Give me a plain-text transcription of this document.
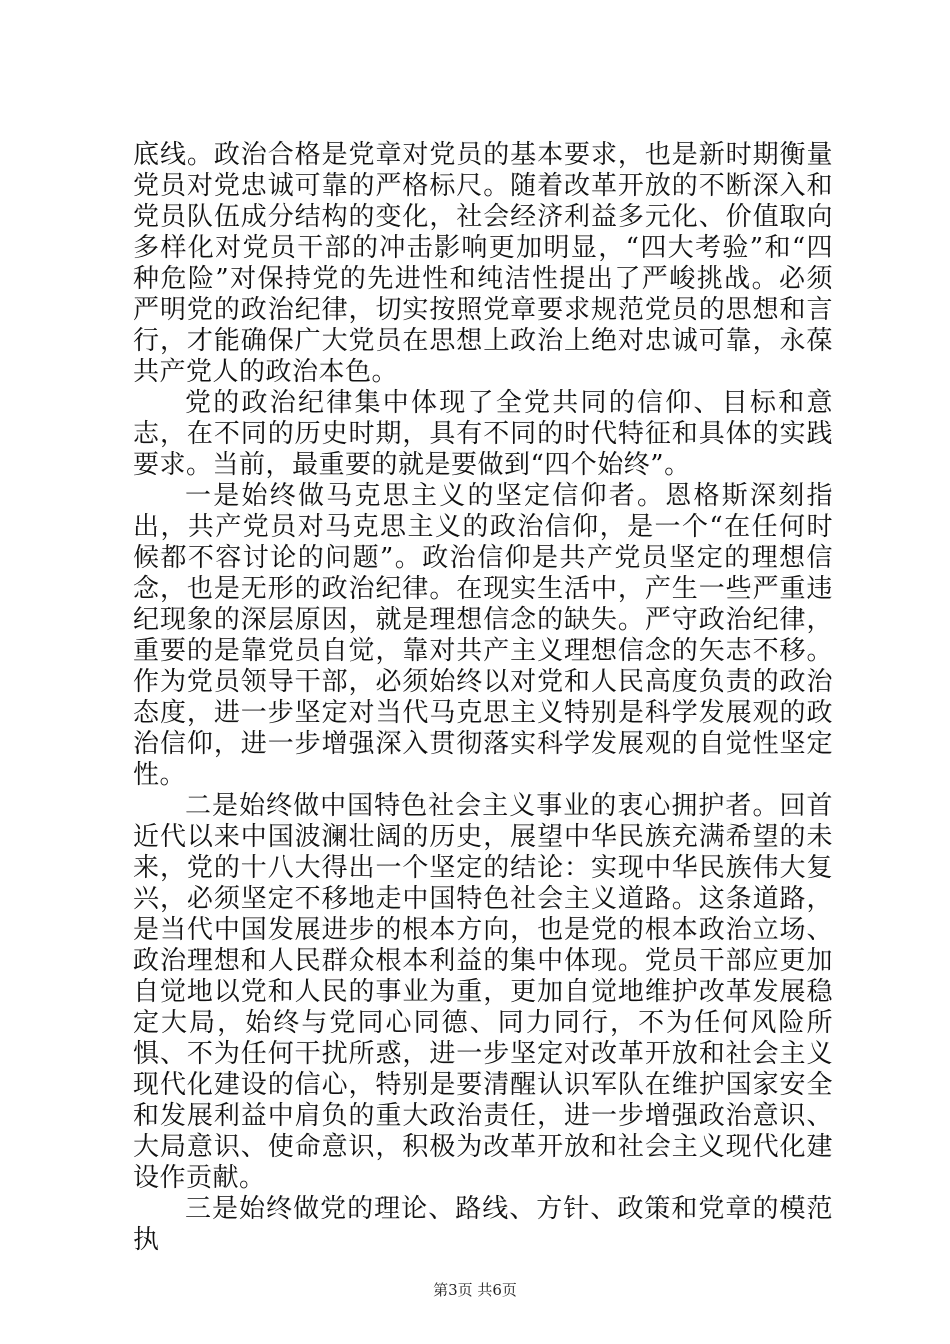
底线。政治合格是党章对党员的基本要求，也是新时期衡量党员对党忠诚可靠的严格标尺。随着改革开放的不断深入和党员队伍成分结构的变化，社会经济利益多元化、价值取向多样化对党员干部的冲击影响更加明显，“四大考验”和“四种危险”对保持党的先进性和纯洁性提出了严峻挑战。必须严明党的政治纪律，切实按照党章要求规范党员的思想和言行，才能确保广大党员在思想上政治上绝对忠诚可靠，永葆共产党人的政治本色。

党的政治纪律集中体现了全党共同的信仰、目标和意志，在不同的历史时期，具有不同的时代特征和具体的实践要求。当前，最重要的就是要做到“四个始终”。

一是始终做马克思主义的坚定信仰者。恩格斯深刻指出，共产党员对马克思主义的政治信仰，是一个“在任何时候都不容讨论的问题”。政治信仰是共产党员坚定的理想信念，也是无形的政治纪律。在现实生活中，产生一些严重违纪现象的深层原因，就是理想信念的缺失。严守政治纪律，重要的是靠党员自觉，靠对共产主义理想信念的矢志不移。作为党员领导干部，必须始终以对党和人民高度负责的政治态度，进一步坚定对当代马克思主义特别是科学发展观的政治信仰，进一步增强深入贯彻落实科学发展观的自觉性坚定性。

二是始终做中国特色社会主义事业的衷心拥护者。回首近代以来中国波澜壮阔的历史，展望中华民族充满希望的未来，党的十八大得出一个坚定的结论：实现中华民族伟大复兴，必须坚定不移地走中国特色社会主义道路。这条道路，是当代中国发展进步的根本方向，也是党的根本政治立场、政治理想和人民群众根本利益的集中体现。党员干部应更加自觉地以党和人民的事业为重，更加自觉地维护改革发展稳定大局，始终与党同心同德、同力同行，不为任何风险所惧、不为任何干扰所惑，进一步坚定对改革开放和社会主义现代化建设的信心，特别是要清醒认识军队在维护国家安全和发展利益中肩负的重大政治责任，进一步增强政治意识、大局意识、使命意识，积极为改革开放和社会主义现代化建设作贡献。

三是始终做党的理论、路线、方针、政策和党章的模范执

第3页 共6页
